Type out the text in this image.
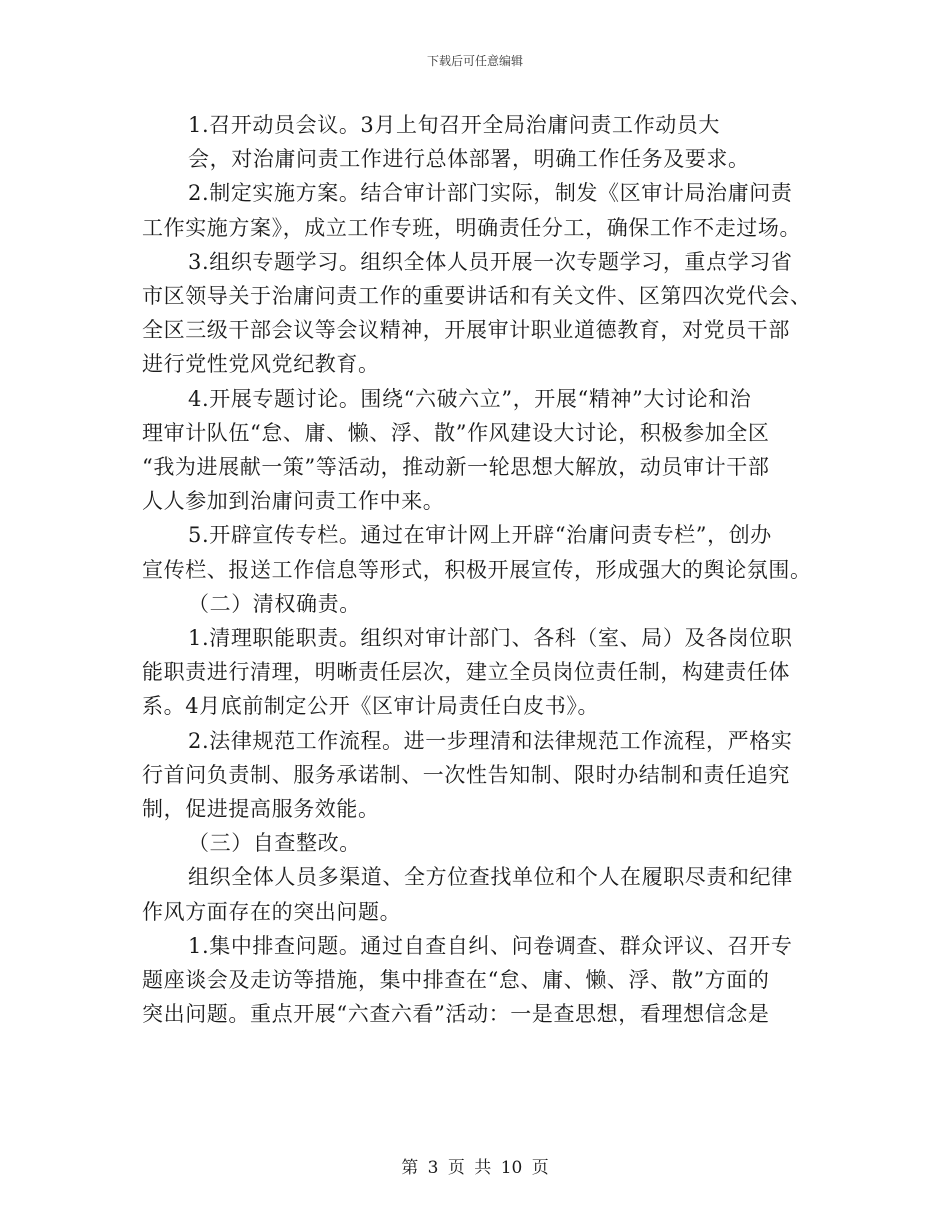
下载后可任意编辑
1.召开动员会议。3月上旬召开全局治庸问责工作动员大
会，对治庸问责工作进行总体部署，明确工作任务及要求。
2.制定实施方案。结合审计部门实际，制发《区审计局治庸问责
工作实施方案》，成立工作专班，明确责任分工，确保工作不走过场。
3.组织专题学习。组织全体人员开展一次专题学习，重点学习省
市区领导关于治庸问责工作的重要讲话和有关文件、区第四次党代会、
全区三级干部会议等会议精神，开展审计职业道德教育，对党员干部
进行党性党风党纪教育。
4.开展专题讨论。围绕“六破六立”，开展“精神”大讨论和治
理审计队伍“怠、庸、懒、浮、散”作风建设大讨论，积极参加全区
“我为进展献一策”等活动，推动新一轮思想大解放，动员审计干部
人人参加到治庸问责工作中来。
5.开辟宣传专栏。通过在审计网上开辟“治庸问责专栏”，创办
宣传栏、报送工作信息等形式，积极开展宣传，形成强大的舆论氛围。
（二）清权确责。
1.清理职能职责。组织对审计部门、各科（室、局）及各岗位职
能职责进行清理，明晰责任层次，建立全员岗位责任制，构建责任体
系。4月底前制定公开《区审计局责任白皮书》。
2.法律规范工作流程。进一步理清和法律规范工作流程，严格实
行首问负责制、服务承诺制、一次性告知制、限时办结制和责任追究
制，促进提高服务效能。
（三）自查整改。
组织全体人员多渠道、全方位查找单位和个人在履职尽责和纪律
作风方面存在的突出问题。
1.集中排查问题。通过自查自纠、问卷调查、群众评议、召开专
题座谈会及走访等措施，集中排查在“怠、庸、懒、浮、散”方面的
突出问题。重点开展“六查六看”活动：一是查思想，看理想信念是
第 3 页 共 10 页
